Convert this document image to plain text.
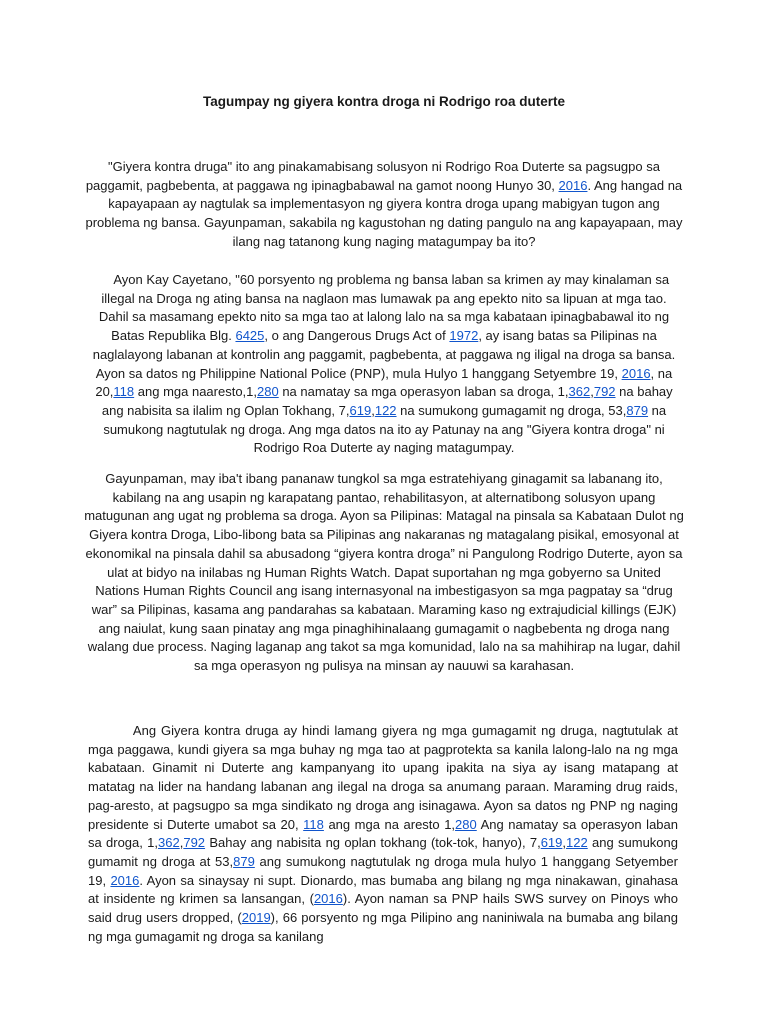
Tagumpay ng giyera kontra droga ni Rodrigo roa duterte

"Giyera kontra druga" ito ang pinakamabisang solusyon ni Rodrigo Roa Duterte sa pagsugpo sa paggamit, pagbebenta, at paggawa ng ipinagbabawal na gamot noong Hunyo 30, 2016. Ang hangad na kapayapaan ay nagtulak sa implementasyon ng giyera kontra droga upang mabigyan tugon ang problema ng bansa. Gayunpaman, sakabila ng kagustohan ng dating pangulo na ang kapayapaan, may ilang nag tatanong kung naging matagumpay ba ito?

Ayon Kay Cayetano, "60 porsyento ng problema ng bansa laban sa krimen ay may kinalaman sa illegal na Droga ng ating bansa na naglaon mas lumawak pa ang epekto nito sa lipuan at mga tao. Dahil sa masamang epekto nito sa mga tao at lalong lalo na sa mga kabataan ipinagbabawal ito ng Batas Republika Blg. 6425, o ang Dangerous Drugs Act of 1972, ay isang batas sa Pilipinas na naglalayong labanan at kontrolin ang paggamit, pagbebenta, at paggawa ng iligal na droga sa bansa. Ayon sa datos ng Philippine National Police (PNP), mula Hulyo 1 hanggang Setyembre 19, 2016, na 20,118 ang mga naaresto,1,280 na namatay sa mga operasyon laban sa droga, 1,362,792 na bahay ang nabisita sa ilalim ng Oplan Tokhang, 7,619,122 na sumukong gumagamit ng droga, 53,879 na sumukong nagtutulak ng droga. Ang mga datos na ito ay Patunay na ang "Giyera kontra droga" ni Rodrigo Roa Duterte ay naging matagumpay.

Gayunpaman, may iba't ibang pananaw tungkol sa mga estratehiyang ginagamit sa labanang ito, kabilang na ang usapin ng karapatang pantao, rehabilitasyon, at alternatibong solusyon upang matugunan ang ugat ng problema sa droga. Ayon sa Pilipinas: Matagal na pinsala sa Kabataan Dulot ng Giyera kontra Droga, Libo-libong bata sa Pilipinas ang nakaranas ng matagalang pisikal, emosyonal at ekonomikal na pinsala dahil sa abusadong “giyera kontra droga” ni Pangulong Rodrigo Duterte, ayon sa ulat at bidyo na inilabas ng Human Rights Watch. Dapat suportahan ng mga gobyerno sa United Nations Human Rights Council ang isang internasyonal na imbestigasyon sa mga pagpatay sa “drug war” sa Pilipinas, kasama ang pandarahas sa kabataan. Maraming kaso ng extrajudicial killings (EJK) ang naiulat, kung saan pinatay ang mga pinaghihinalaang gumagamit o nagbebenta ng droga nang walang due process. Naging laganap ang takot sa mga komunidad, lalo na sa mahihirap na lugar, dahil sa mga operasyon ng pulisya na minsan ay nauuwi sa karahasan.

Ang Giyera kontra druga ay hindi lamang giyera ng mga gumagamit ng druga, nagtutulak at mga paggawa, kundi giyera sa mga buhay ng mga tao at pagprotekta sa kanila lalong-lalo na ng mga kabataan. Ginamit ni Duterte ang kampanyang ito upang ipakita na siya ay isang matapang at matatag na lider na handang labanan ang ilegal na droga sa anumang paraan. Maraming drug raids, pag-aresto, at pagsugpo sa mga sindikato ng droga ang isinagawa. Ayon sa datos ng PNP ng naging presidente si Duterte umabot sa 20, 118 ang mga na aresto 1,280 Ang namatay sa operasyon laban sa droga, 1,362,792 Bahay ang nabisita ng oplan tokhang (tok-tok, hanyo), 7,619,122 ang sumukong gumamit ng droga at 53,879 ang sumukong nagtutulak ng droga mula hulyo 1 hanggang Setyember 19, 2016. Ayon sa sinaysay ni supt. Dionardo, mas bumaba ang bilang ng mga ninakawan, ginahasa at insidente ng krimen sa lansangan, (2016). Ayon naman sa PNP hails SWS survey on Pinoys who said drug users dropped, (2019), 66 porsyento ng mga Pilipino ang naniniwala na bumaba ang bilang ng mga gumagamit ng droga sa kanilang
